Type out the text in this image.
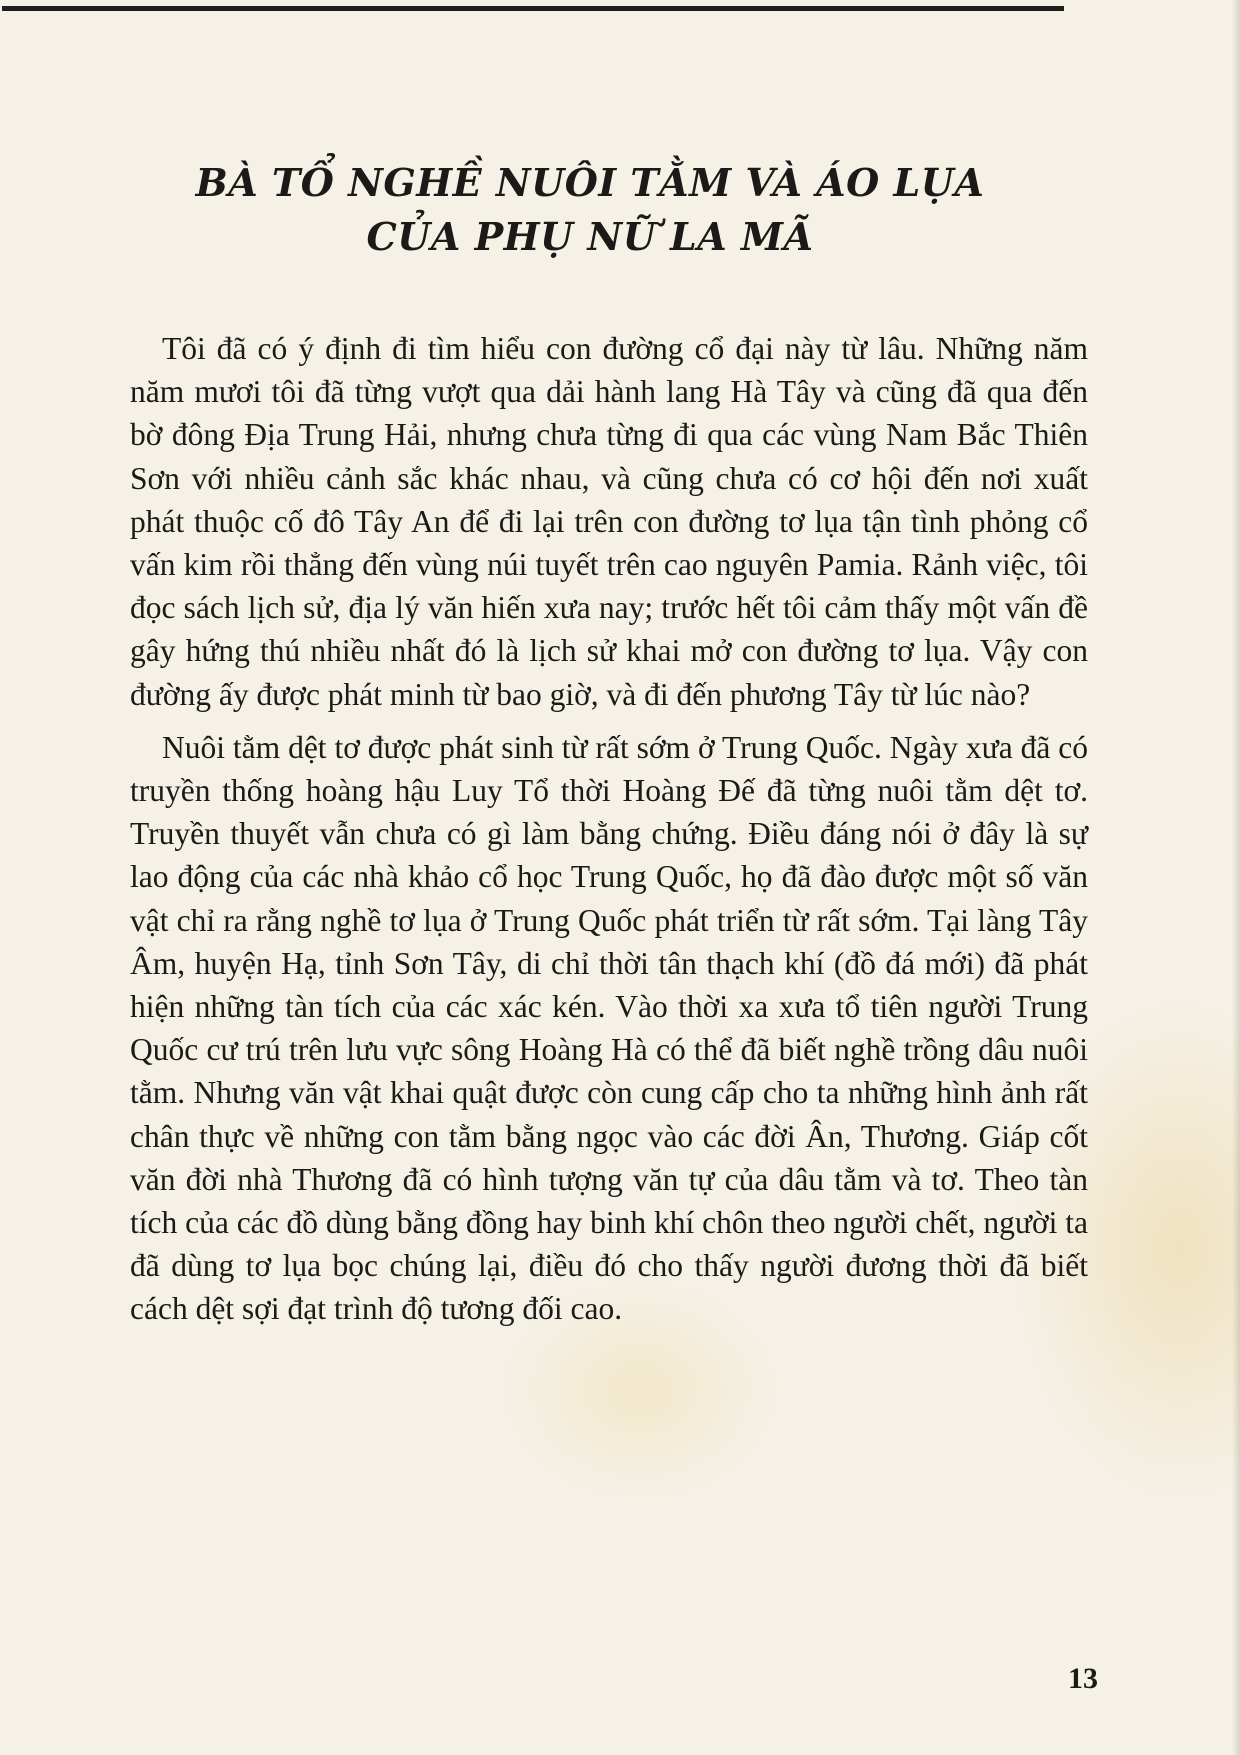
BÀ TỔ NGHỀ NUÔI TẰM VÀ ÁO LỤA
CỦA PHỤ NỮ LA MÃ

Tôi đã có ý định đi tìm hiểu con đường cổ đại này từ lâu. Những năm năm mươi tôi đã từng vượt qua dải hành lang Hà Tây và cũng đã qua đến bờ đông Địa Trung Hải, nhưng chưa từng đi qua các vùng Nam Bắc Thiên Sơn với nhiều cảnh sắc khác nhau, và cũng chưa có cơ hội đến nơi xuất phát thuộc cố đô Tây An để đi lại trên con đường tơ lụa tận tình phỏng cổ vấn kim rồi thẳng đến vùng núi tuyết trên cao nguyên Pamia. Rảnh việc, tôi đọc sách lịch sử, địa lý văn hiến xưa nay; trước hết tôi cảm thấy một vấn đề gây hứng thú nhiều nhất đó là lịch sử khai mở con đường tơ lụa. Vậy con đường ấy được phát minh từ bao giờ, và đi đến phương Tây từ lúc nào?

Nuôi tằm dệt tơ được phát sinh từ rất sớm ở Trung Quốc. Ngày xưa đã có truyền thống hoàng hậu Luy Tổ thời Hoàng Đế đã từng nuôi tằm dệt tơ. Truyền thuyết vẫn chưa có gì làm bằng chứng. Điều đáng nói ở đây là sự lao động của các nhà khảo cổ học Trung Quốc, họ đã đào được một số văn vật chỉ ra rằng nghề tơ lụa ở Trung Quốc phát triển từ rất sớm. Tại làng Tây Âm, huyện Hạ, tỉnh Sơn Tây, di chỉ thời tân thạch khí (đồ đá mới) đã phát hiện những tàn tích của các xác kén. Vào thời xa xưa tổ tiên người Trung Quốc cư trú trên lưu vực sông Hoàng Hà có thể đã biết nghề trồng dâu nuôi tằm. Nhưng văn vật khai quật được còn cung cấp cho ta những hình ảnh rất chân thực về những con tằm bằng ngọc vào các đời Ân, Thương. Giáp cốt văn đời nhà Thương đã có hình tượng văn tự của dâu tằm và tơ. Theo tàn tích của các đồ dùng bằng đồng hay binh khí chôn theo người chết, người ta đã dùng tơ lụa bọc chúng lại, điều đó cho thấy người đương thời đã biết cách dệt sợi đạt trình độ tương đối cao.

13
